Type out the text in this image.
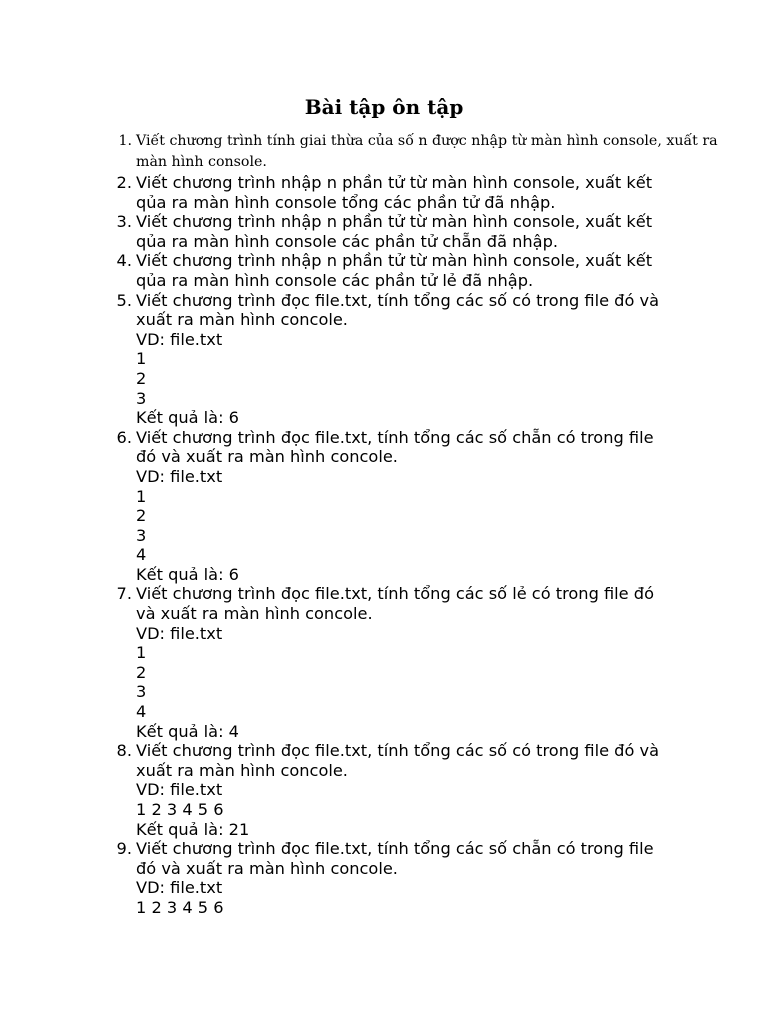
Bài tập ôn tập
1. Viết chương trình tính giai thừa của số n được nhập từ màn hình console, xuất ra
màn hình console.
2. Viết chương trình nhập n phần tử từ màn hình console, xuất kết
qủa ra màn hình console tổng các phần tử đã nhập.
3. Viết chương trình nhập n phần tử từ màn hình console, xuất kết
qủa ra màn hình console các phần tử chẵn đã nhập.
4. Viết chương trình nhập n phần tử từ màn hình console, xuất kết
qủa ra màn hình console các phần tử lẻ đã nhập.
5. Viết chương trình đọc file.txt, tính tổng các số có trong file đó và
xuất ra màn hình concole.
VD: file.txt
1
2
3
Kết quả là: 6
6. Viết chương trình đọc file.txt, tính tổng các số chẵn có trong file
đó và xuất ra màn hình concole.
VD: file.txt
1
2
3
4
Kết quả là: 6
7. Viết chương trình đọc file.txt, tính tổng các số lẻ có trong file đó
và xuất ra màn hình concole.
VD: file.txt
1
2
3
4
Kết quả là: 4
8. Viết chương trình đọc file.txt, tính tổng các số có trong file đó và
xuất ra màn hình concole.
VD: file.txt
1 2 3 4 5 6
Kết quả là: 21
9. Viết chương trình đọc file.txt, tính tổng các số chẵn có trong file
đó và xuất ra màn hình concole.
VD: file.txt
1 2 3 4 5 6
